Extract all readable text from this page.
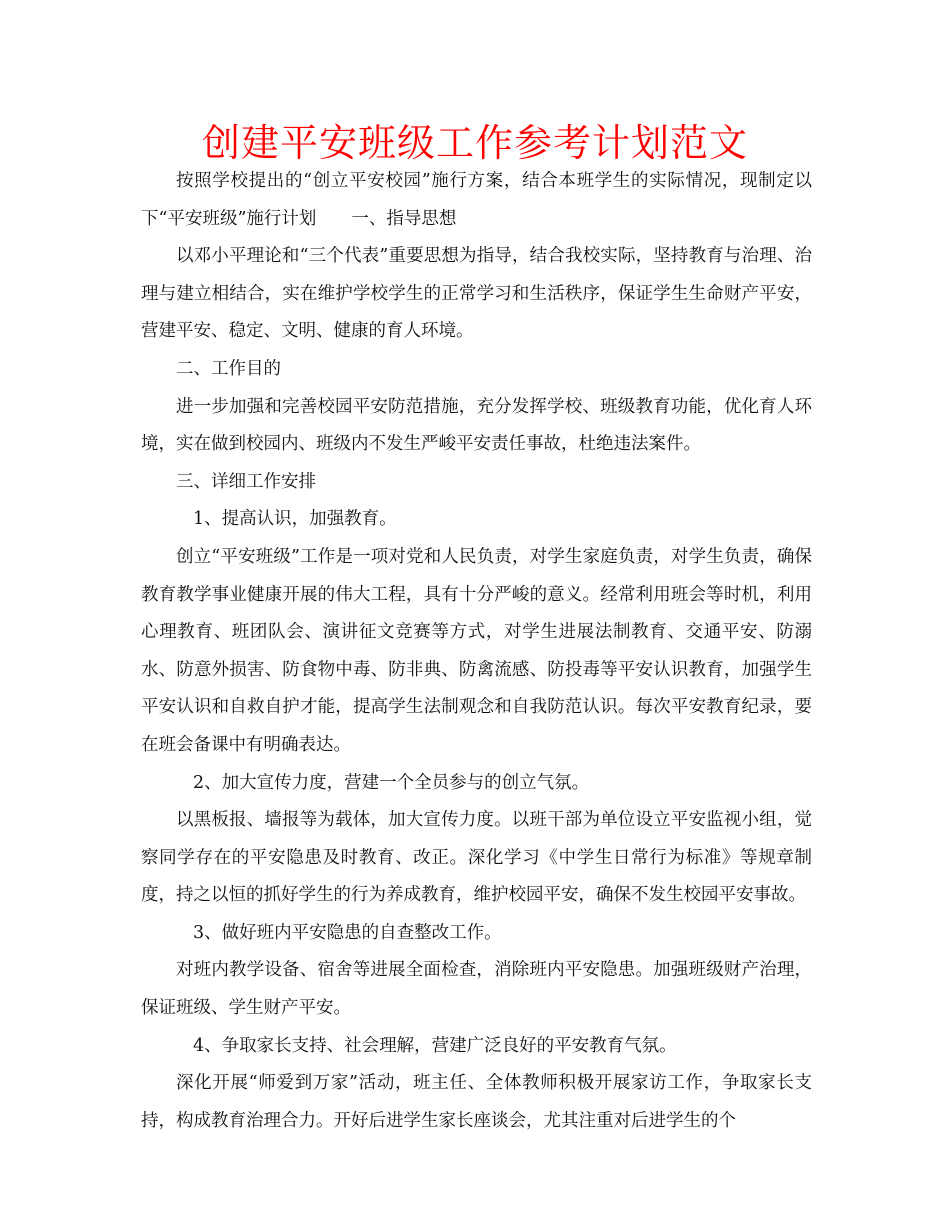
创建平安班级工作参考计划范文

按照学校提出的“创立平安校园”施行方案，结合本班学生的实际情况，现制定以下“平安班级”施行计划　　一、指导思想

以邓小平理论和“三个代表”重要思想为指导，结合我校实际，坚持教育与治理、治理与建立相结合，实在维护学校学生的正常学习和生活秩序，保证学生生命财产平安，营建平安、稳定、文明、健康的育人环境。

二、工作目的

进一步加强和完善校园平安防范措施，充分发挥学校、班级教育功能，优化育人环境，实在做到校园内、班级内不发生严峻平安责任事故，杜绝违法案件。

三、详细工作安排

1、提高认识，加强教育。

创立“平安班级”工作是一项对党和人民负责，对学生家庭负责，对学生负责，确保教育教学事业健康开展的伟大工程，具有十分严峻的意义。经常利用班会等时机，利用心理教育、班团队会、演讲征文竞赛等方式，对学生进展法制教育、交通平安、防溺水、防意外损害、防食物中毒、防非典、防禽流感、防投毒等平安认识教育，加强学生平安认识和自救自护才能，提高学生法制观念和自我防范认识。每次平安教育纪录，要在班会备课中有明确表达。

2、加大宣传力度，营建一个全员参与的创立气氛。

以黑板报、墙报等为载体，加大宣传力度。以班干部为单位设立平安监视小组，觉察同学存在的平安隐患及时教育、改正。深化学习《中学生日常行为标准》等规章制度，持之以恒的抓好学生的行为养成教育，维护校园平安，确保不发生校园平安事故。

3、做好班内平安隐患的自查整改工作。

对班内教学设备、宿舍等进展全面检查，消除班内平安隐患。加强班级财产治理，保证班级、学生财产平安。

4、争取家长支持、社会理解，营建广泛良好的平安教育气氛。

深化开展“师爱到万家”活动，班主任、全体教师积极开展家访工作，争取家长支持，构成教育治理合力。开好后进学生家长座谈会，尤其注重对后进学生的个
